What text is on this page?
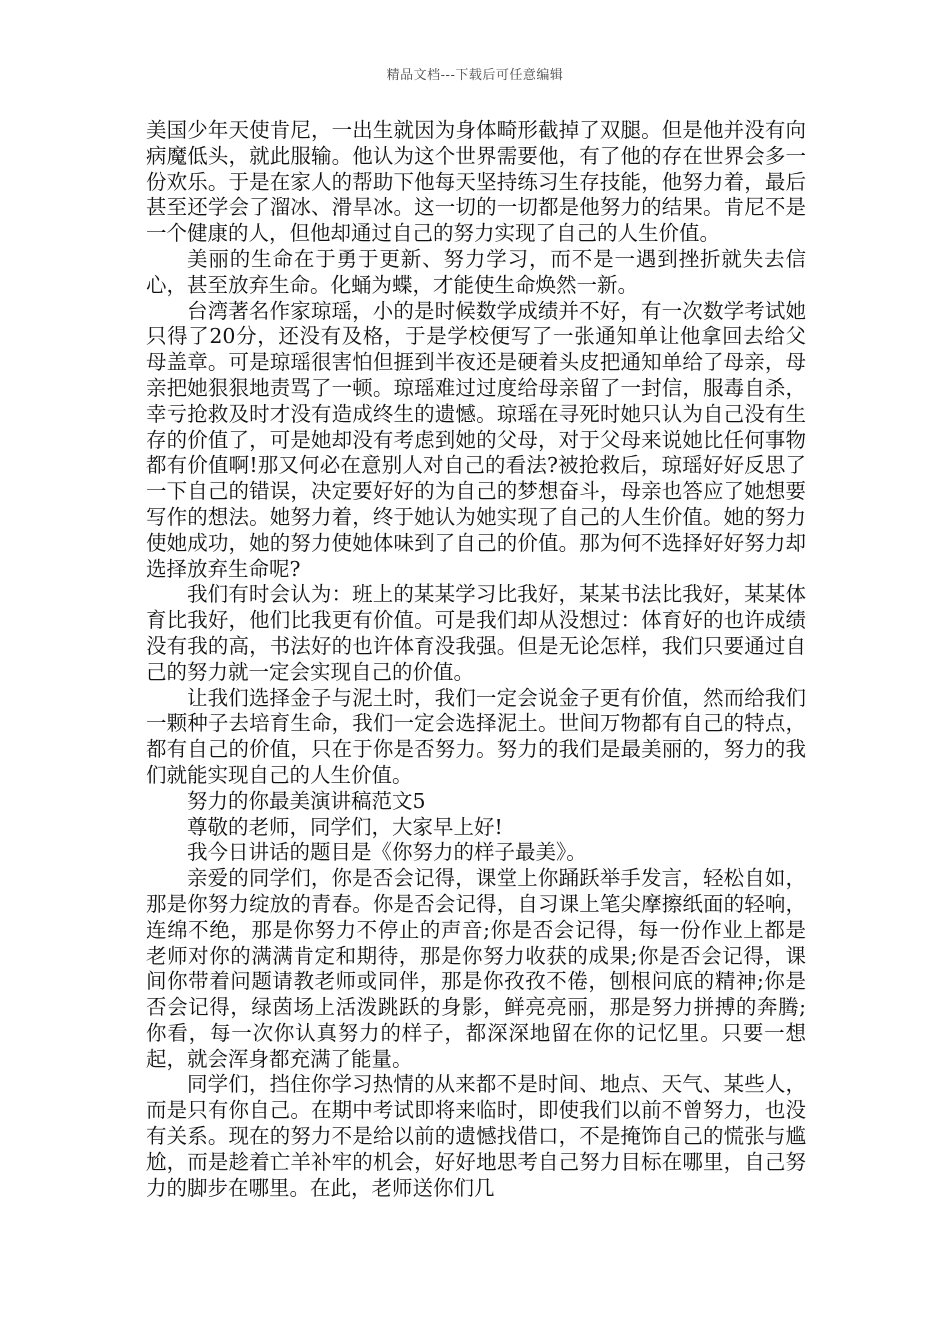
精品文档---下载后可任意编辑

美国少年天使肯尼，一出生就因为身体畸形截掉了双腿。但是他并没有向病魔低头，就此服输。他认为这个世界需要他，有了他的存在世界会多一份欢乐。于是在家人的帮助下他每天坚持练习生存技能，他努力着，最后甚至还学会了溜冰、滑旱冰。这一切的一切都是他努力的结果。肯尼不是一个健康的人，但他却通过自己的努力实现了自己的人生价值。

美丽的生命在于勇于更新、努力学习，而不是一遇到挫折就失去信心，甚至放弃生命。化蛹为蝶，才能使生命焕然一新。

台湾著名作家琼瑶，小的是时候数学成绩并不好，有一次数学考试她只得了20分，还没有及格，于是学校便写了一张通知单让他拿回去给父母盖章。可是琼瑶很害怕但捱到半夜还是硬着头皮把通知单给了母亲，母亲把她狠狠地责骂了一顿。琼瑶难过过度给母亲留了一封信，服毒自杀，幸亏抢救及时才没有造成终生的遗憾。琼瑶在寻死时她只认为自己没有生存的价值了，可是她却没有考虑到她的父母，对于父母来说她比任何事物都有价值啊!那又何必在意别人对自己的看法?被抢救后，琼瑶好好反思了一下自己的错误，决定要好好的为自己的梦想奋斗，母亲也答应了她想要写作的想法。她努力着，终于她认为她实现了自己的人生价值。她的努力使她成功，她的努力使她体味到了自己的价值。那为何不选择好好努力却选择放弃生命呢?

我们有时会认为：班上的某某学习比我好，某某书法比我好，某某体育比我好，他们比我更有价值。可是我们却从没想过：体育好的也许成绩没有我的高，书法好的也许体育没我强。但是无论怎样，我们只要通过自己的努力就一定会实现自己的价值。

让我们选择金子与泥土时，我们一定会说金子更有价值，然而给我们一颗种子去培育生命，我们一定会选择泥土。世间万物都有自己的特点，都有自己的价值，只在于你是否努力。努力的我们是最美丽的，努力的我们就能实现自己的人生价值。

努力的你最美演讲稿范文5

尊敬的老师，同学们，大家早上好!

我今日讲话的题目是《你努力的样子最美》。

亲爱的同学们，你是否会记得，课堂上你踊跃举手发言，轻松自如，那是你努力绽放的青春。你是否会记得，自习课上笔尖摩擦纸面的轻响，连绵不绝，那是你努力不停止的声音;你是否会记得，每一份作业上都是老师对你的满满肯定和期待，那是你努力收获的成果;你是否会记得，课间你带着问题请教老师或同伴，那是你孜孜不倦，刨根问底的精神;你是否会记得，绿茵场上活泼跳跃的身影，鲜亮亮丽，那是努力拼搏的奔腾;你看，每一次你认真努力的样子，都深深地留在你的记忆里。只要一想起，就会浑身都充满了能量。

同学们，挡住你学习热情的从来都不是时间、地点、天气、某些人，而是只有你自己。在期中考试即将来临时，即使我们以前不曾努力，也没有关系。现在的努力不是给以前的遗憾找借口，不是掩饰自己的慌张与尴尬，而是趁着亡羊补牢的机会，好好地思考自己努力目标在哪里，自己努力的脚步在哪里。在此，老师送你们几
